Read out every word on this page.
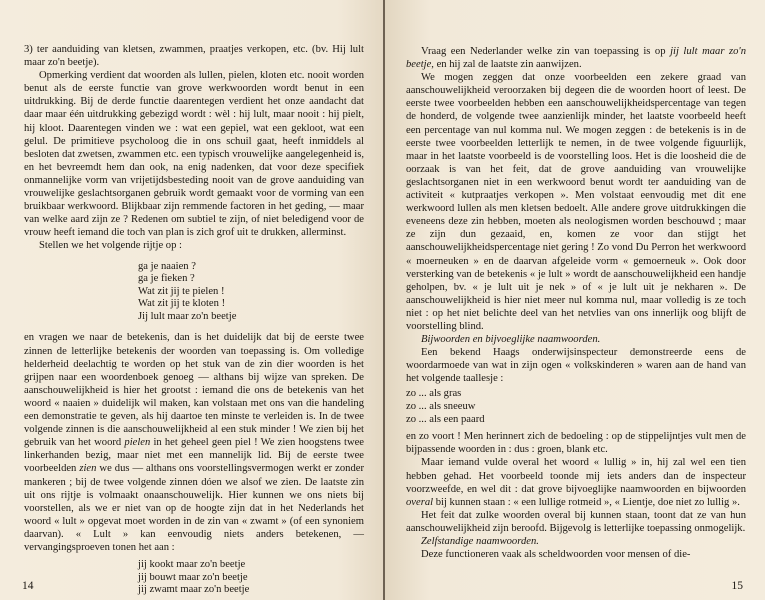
3) ter aanduiding van kletsen, zwammen, praatjes verkopen, etc. (bv. Hij lult maar zo'n beetje).

Opmerking verdient dat woorden als lullen, pielen, kloten etc. nooit worden benut als de eerste functie van grove werkwoorden wordt benut in een uitdrukking. Bij de derde functie daarentegen verdient het onze aandacht dat daar maar één uitdrukking gebezigd wordt : wèl : hij lult, maar nooit : hij pielt, hij kloot. Daarentegen vinden we : wat een gepiel, wat een gekloot, wat een gelul. De primitieve psycholoog die in ons schuil gaat, heeft inmiddels al besloten dat zwetsen, zwammen etc. een typisch vrouwelijke aangelegenheid is, en het bevreemdt hem dan ook, na enig nadenken, dat voor deze specifiek onmannelijke vorm van vrijetijdsbesteding nooit van de grove aanduiding van vrouwelijke geslachtsorganen gebruik wordt gemaakt voor de vorming van een bruikbaar werkwoord. Blijkbaar zijn remmende factoren in het geding, — maar van welke aard zijn ze ? Redenen om subtiel te zijn, of niet beledigend voor de vrouw heeft iemand die toch van plan is zich grof uit te drukken, allerminst.

Stellen we het volgende rijtje op :

ga je naaien ?
ga je fieken ?
Wat zit jij te pielen !
Wat zit jij te kloten !
Jij lult maar zo'n beetje

en vragen we naar de betekenis, dan is het duidelijk dat bij de eerste twee zinnen de letterlijke betekenis der woorden van toepassing is. Om volledige helderheid deelachtig te worden op het stuk van de zin dier woorden is het grijpen naar een woordenboek genoeg — althans bij wijze van spreken. De aanschouwelijkheid is hier het grootst : iemand die ons de betekenis van het woord « naaien » duidelijk wil maken, kan volstaan met ons van die handeling een demonstratie te geven, als hij daartoe ten minste te verleiden is. In de twee volgende zinnen is die aanschouwelijkheid al een stuk minder ! We zien bij het gebruik van het woord pielen in het geheel geen piel ! We zien hoogstens twee linkerhanden bezig, maar niet met een mannelijk lid. Bij de eerste twee voorbeelden zien we dus — althans ons voorstellingsvermogen werkt er zonder mankeren ; bij de twee volgende zinnen dóen we alsof we zien. De laatste zin uit ons rijtje is volmaakt onaanschouwelijk. Hier kunnen we ons niets bij voorstellen, als we er niet van op de hoogte zijn dat in het Nederlands het woord « lult » opgevat moet worden in de zin van « zwamt » (of een synoniem daarvan). « Lult » kan eenvoudig niets anders betekenen, — vervangingsproeven tonen het aan :

jij kookt maar zo'n beetje
jij bouwt maar zo'n beetje
jij zwamt maar zo'n beetje
14

Vraag een Nederlander welke zin van toepassing is op jij lult maar zo'n beetje, en hij zal de laatste zin aanwijzen.

We mogen zeggen dat onze voorbeelden een zekere graad van aanschouwelijkheid veroorzaken bij degeen die de woorden hoort of leest. De eerste twee voorbeelden hebben een aanschouwelijkheidspercentage van tegen de honderd, de volgende twee aanzienlijk minder, het laatste voorbeeld heeft een percentage van nul komma nul. We mogen zeggen : de betekenis is in de eerste twee voorbeelden letterlijk te nemen, in de twee volgende figuurlijk, maar in het laatste voorbeeld is de voorstelling loos. Het is die loosheid die de oorzaak is van het feit, dat de grove aanduiding van vrouwelijke geslachtsorganen niet in een werkwoord benut wordt ter aanduiding van de activiteit « kutpraatjes verkopen ». Men volstaat eenvoudig met dit ene werkwoord lullen als men kletsen bedoelt. Alle andere grove uitdrukkingen die eveneens deze zin hebben, moeten als neologismen worden beschouwd ; maar ze zijn dun gezaaid, en, komen ze voor dan stijgt het aanschouwelijkheidspercentage niet gering ! Zo vond Du Perron het werkwoord « moerneuken » en de daarvan afgeleide vorm « gemoerneuk ». Ook door versterking van de betekenis « je lult » wordt de aanschouwelijkheid een handje geholpen, bv. « je lult uit je nek » of « je lult uit je nekharen ». De aanschouwelijkheid is hier niet meer nul komma nul, maar volledig is ze toch niet : op het niet belichte deel van het netvlies van ons innerlijk oog blijft de voorstelling blind.

Bijwoorden en bijvoeglijke naamwoorden.

Een bekend Haags onderwijsinspecteur demonstreerde eens de woordarmoede van wat in zijn ogen « volkskinderen » waren aan de hand van het volgende taallesje :

zo ... als gras
zo ... als sneeuw
zo ... als een paard

en zo voort ! Men herinnert zich de bedoeling : op de stippelijntjes vult men de bijpassende woorden in : dus : groen, blank etc.

Maar iemand vulde overal het woord « lullig » in, hij zal wel een tien hebben gehad. Het voorbeeld toonde mij iets anders dan de inspecteur voorzweefde, en wel dit : dat grove bijvoeglijke naamwoorden en bijwoorden overal bij kunnen staan : « een lullige rotmeid », « Lientje, doe niet zo lullig ».

Het feit dat zulke woorden overal bij kunnen staan, toont dat ze van hun aanschouwelijkheid zijn beroofd. Bijgevolg is letterlijke toepassing onmogelijk.

Zelfstandige naamwoorden.

Deze functioneren vaak als scheldwoorden voor mensen of die-

15
